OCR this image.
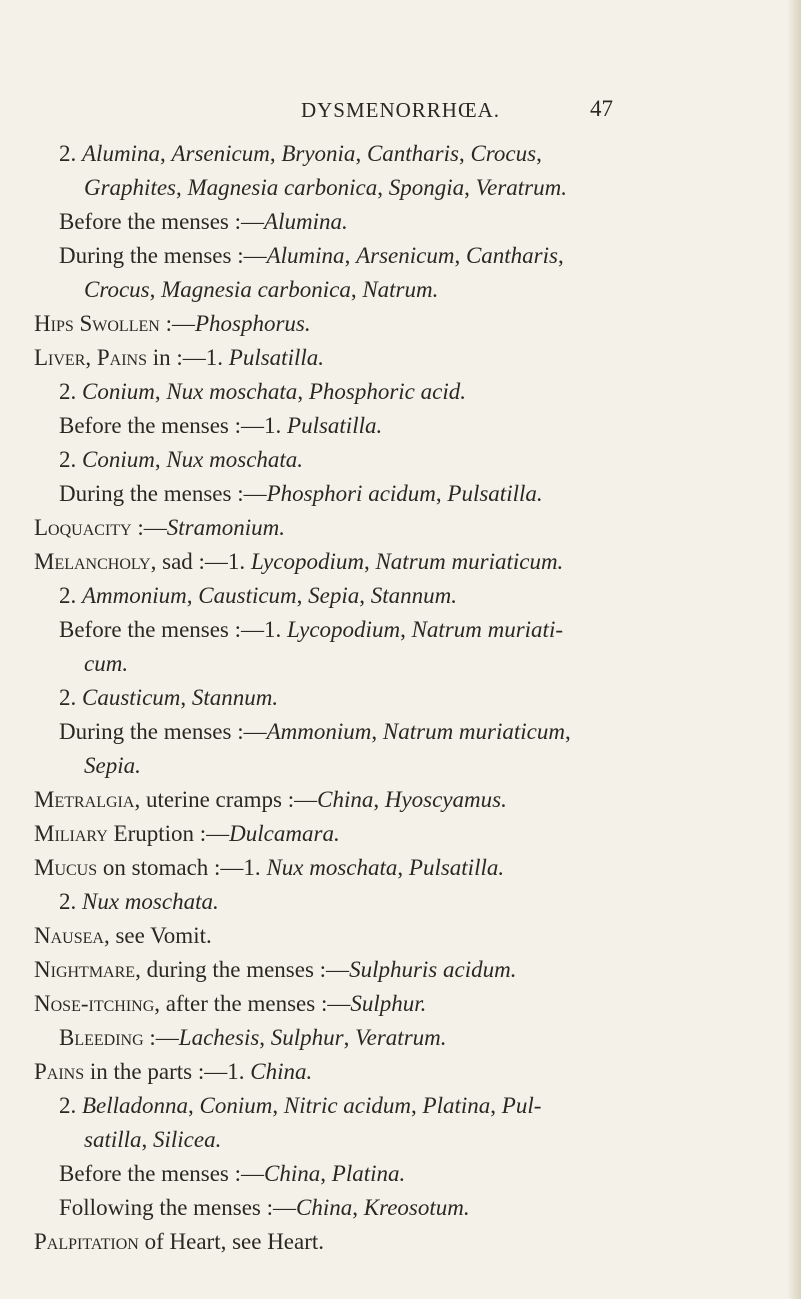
DYSMENORRHŒA.	47
2. Alumina, Arsenicum, Bryonia, Cantharis, Crocus,
Graphites, Magnesia carbonica, Spongia, Veratrum.
Before the menses :—Alumina.
During the menses :—Alumina, Arsenicum, Cantharis,
Crocus, Magnesia carbonica, Natrum.
Hips Swollen :—Phosphorus.
Liver, Pains in :—1. Pulsatilla.
2. Conium, Nux moschata, Phosphoric acid.
Before the menses :—1. Pulsatilla.
2. Conium, Nux moschata.
During the menses :—Phosphori acidum, Pulsatilla.
Loquacity :—Stramonium.
Melancholy, sad :—1. Lycopodium, Natrum muriaticum.
2. Ammonium, Causticum, Sepia, Stannum.
Before the menses :—1. Lycopodium, Natrum muriati-
cum.
2. Causticum, Stannum.
During the menses :—Ammonium, Natrum muriaticum,
Sepia.
Metralgia, uterine cramps :—China, Hyoscyamus.
Miliary Eruption :—Dulcamara.
Mucus on stomach :—1. Nux moschata, Pulsatilla.
2. Nux moschata.
Nausea, see Vomit.
Nightmare, during the menses :—Sulphuris acidum.
Nose-itching, after the menses :—Sulphur.
Bleeding :—Lachesis, Sulphur, Veratrum.
Pains in the parts :—1. China.
2. Belladonna, Conium, Nitric acidum, Platina, Pul-
satilla, Silicea.
Before the menses :—China, Platina.
Following the menses :—China, Kreosotum.
Palpitation of Heart, see Heart.
